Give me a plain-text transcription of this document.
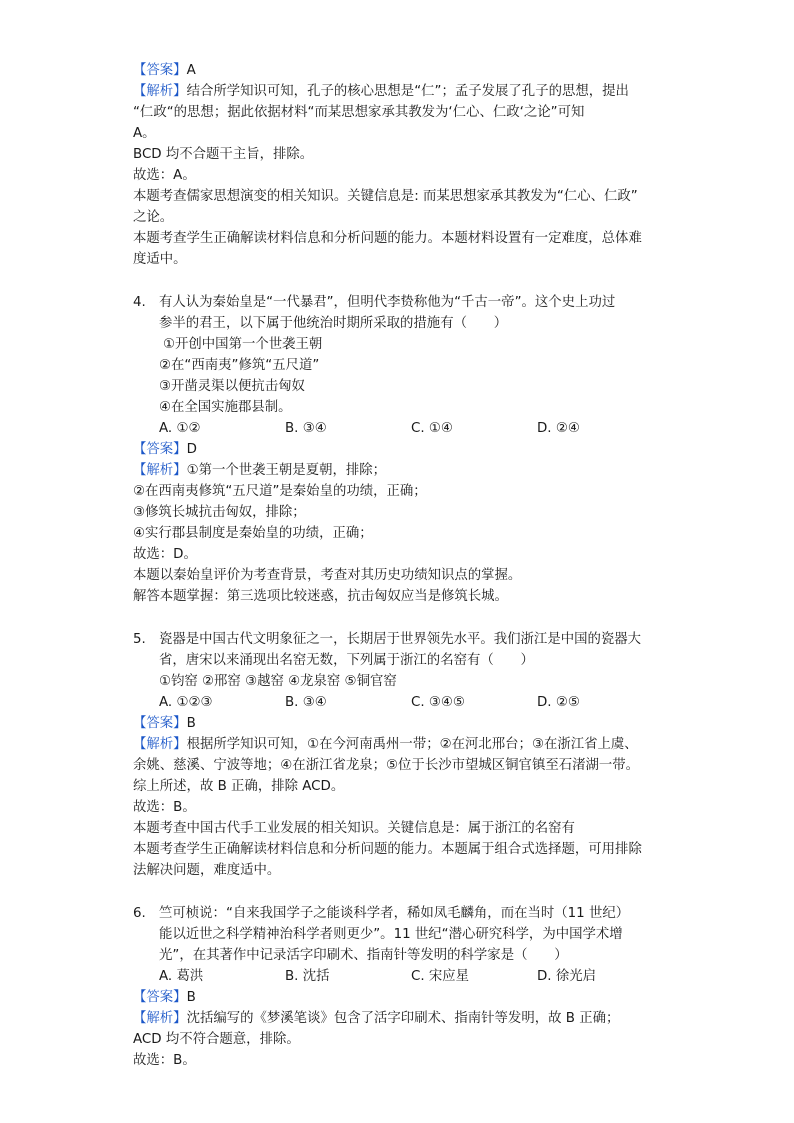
【答案】A
【解析】结合所学知识可知，孔子的核心思想是“仁”；孟子发展了孔子的思想，提出
“仁政“的思想；据此依据材料“而某思想家承其教发为‘仁心、仁政‘之论”可知
A。
BCD 均不合题干主旨，排除。
故选：A。
本题考查儒家思想演变的相关知识。关键信息是: 而某思想家承其教发为“仁心、仁政”
之论。
本题考查学生正确解读材料信息和分析问题的能力。本题材料设置有一定难度，总体难
度适中。
4. 有人认为秦始皇是“一代暴君”，但明代李贽称他为“千古一帝”。这个史上功过
参半的君王，以下属于他统治时期所采取的措施有（　　）
①开创中国第一个世袭王朝
②在“西南夷”修筑“五尺道”
③开凿灵渠以便抗击匈奴
④在全国实施郡县制。
A. ①②	B. ③④	C. ①④	D. ②④
【答案】D
【解析】①第一个世袭王朝是夏朝，排除；
②在西南夷修筑“五尺道”是秦始皇的功绩，正确；
③修筑长城抗击匈奴，排除；
④实行郡县制度是秦始皇的功绩，正确；
故选：D。
本题以秦始皇评价为考查背景，考查对其历史功绩知识点的掌握。
解答本题掌握：第三选项比较迷惑，抗击匈奴应当是修筑长城。
5. 瓷器是中国古代文明象征之一，长期居于世界领先水平。我们浙江是中国的瓷器大
省，唐宋以来涌现出名窑无数，下列属于浙江的名窑有（　　）
①钧窑 ②邢窑 ③越窑 ④龙泉窑 ⑤铜官窑
A. ①②③	B. ③④	C. ③④⑤	D. ②⑤
【答案】B
【解析】根据所学知识可知，①在今河南禹州一带；②在河北邢台；③在浙江省上虞、
余姚、慈溪、宁波等地；④在浙江省龙泉；⑤位于长沙市望城区铜官镇至石渚湖一带。
综上所述，故 B 正确，排除 ACD。
故选：B。
本题考查中国古代手工业发展的相关知识。关键信息是：属于浙江的名窑有
本题考查学生正确解读材料信息和分析问题的能力。本题属于组合式选择题，可用排除
法解决问题，难度适中。
6. 竺可桢说：“自来我国学子之能谈科学者，稀如凤毛麟角，而在当时（11 世纪）
能以近世之科学精神治科学者则更少”。11 世纪“潜心研究科学，为中国学术增
光”，在其著作中记录活字印刷术、指南针等发明的科学家是（　　）
A. 葛洪	B. 沈括	C. 宋应星	D. 徐光启
【答案】B
【解析】沈括编写的《梦溪笔谈》包含了活字印刷术、指南针等发明，故 B 正确；
ACD 均不符合题意，排除。
故选：B。
